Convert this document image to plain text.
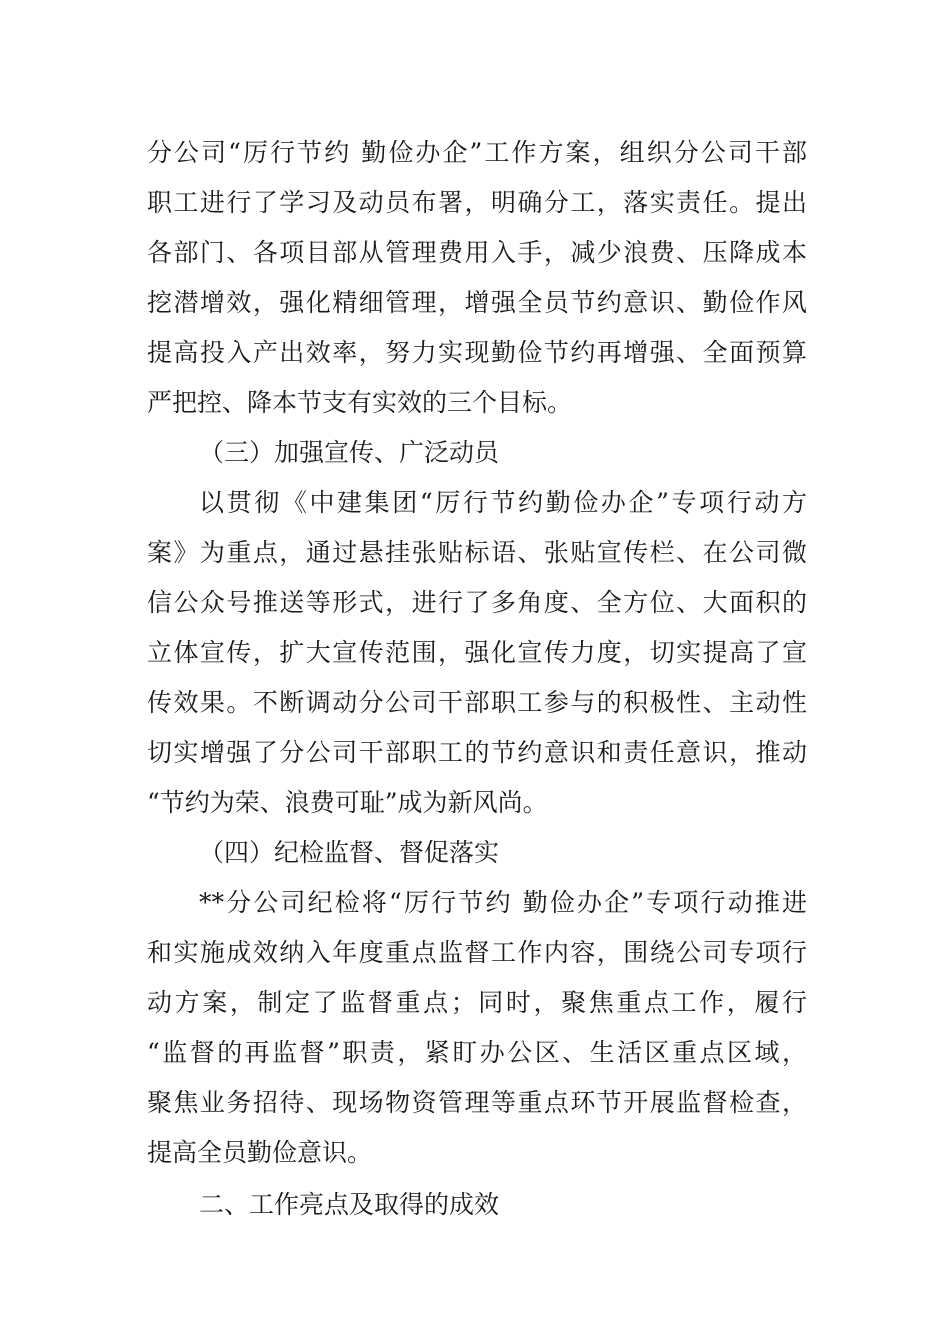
分公司“厉行节约 勤俭办企”工作方案，组织分公司干部
职工进行了学习及动员布署，明确分工，落实责任。提出
各部门、各项目部从管理费用入手，减少浪费、压降成本
挖潜增效，强化精细管理，增强全员节约意识、勤俭作风
提高投入产出效率，努力实现勤俭节约再增强、全面预算
严把控、降本节支有实效的三个目标。
（三）加强宣传、广泛动员
以贯彻《中建集团“厉行节约勤俭办企”专项行动方
案》为重点，通过悬挂张贴标语、张贴宣传栏、在公司微
信公众号推送等形式，进行了多角度、全方位、大面积的
立体宣传，扩大宣传范围，强化宣传力度，切实提高了宣
传效果。不断调动分公司干部职工参与的积极性、主动性
切实增强了分公司干部职工的节约意识和责任意识，推动
“节约为荣、浪费可耻”成为新风尚。
（四）纪检监督、督促落实
**分公司纪检将“厉行节约 勤俭办企”专项行动推进
和实施成效纳入年度重点监督工作内容，围绕公司专项行
动方案，制定了监督重点；同时，聚焦重点工作，履行
“监督的再监督”职责，紧盯办公区、生活区重点区域，
聚焦业务招待、现场物资管理等重点环节开展监督检查，
提高全员勤俭意识。
二、工作亮点及取得的成效
